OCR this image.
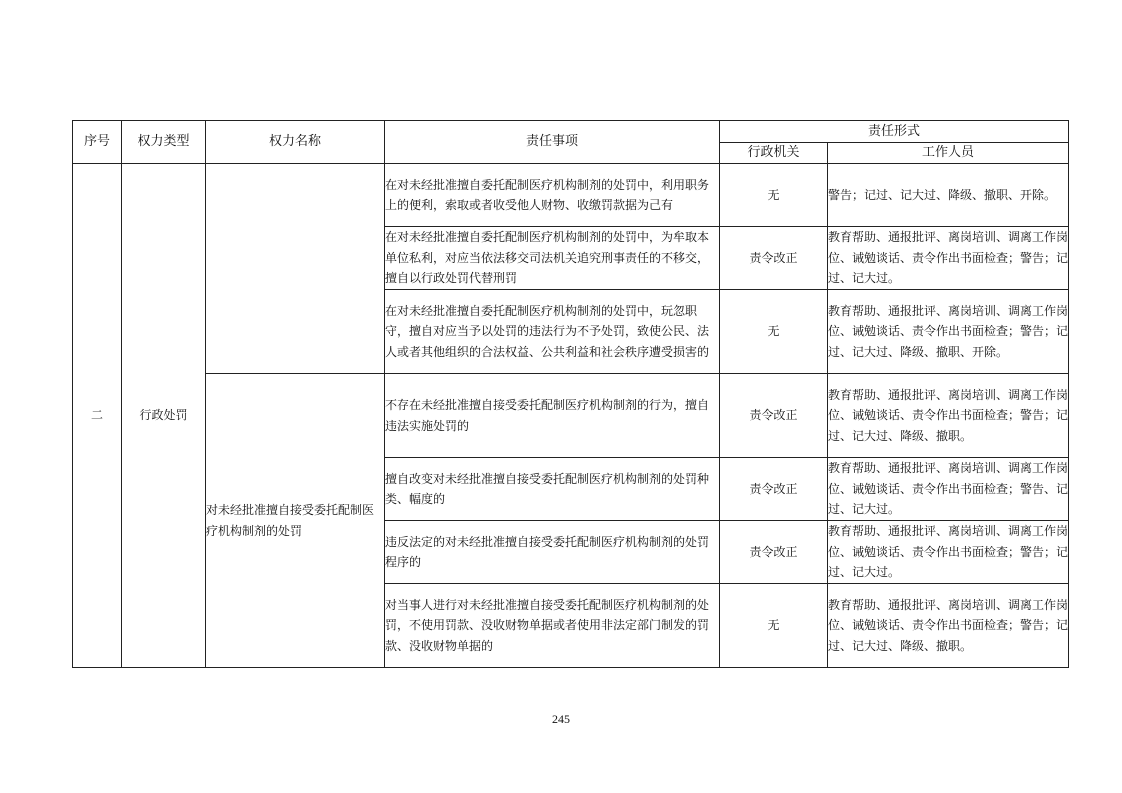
序号	权力类型	权力名称	责任事项	责任形式	
				行政机关	工作人员
二	行政处罚		在对未经批准擅自委托配制医疗机构制剂的处罚中，利用职务上的便利，索取或者收受他人财物、收缴罚款据为己有	无	警告；记过、记大过、降级、撤职、开除。
			在对未经批准擅自委托配制医疗机构制剂的处罚中，为牟取本单位私利，对应当依法移交司法机关追究刑事责任的不移交，擅自以行政处罚代替刑罚	责令改正	教育帮助、通报批评、离岗培训、调离工作岗位、诫勉谈话、责令作出书面检查；警告；记过、记大过。
			在对未经批准擅自委托配制医疗机构制剂的处罚中，玩忽职守，擅自对应当予以处罚的违法行为不予处罚，致使公民、法人或者其他组织的合法权益、公共利益和社会秩序遭受损害的	无	教育帮助、通报批评、离岗培训、调离工作岗位、诫勉谈话、责令作出书面检查；警告；记过、记大过、降级、撤职、开除。
		对未经批准擅自接受委托配制医疗机构制剂的处罚	不存在未经批准擅自接受委托配制医疗机构制剂的行为，擅自违法实施处罚的	责令改正	教育帮助、通报批评、离岗培训、调离工作岗位、诫勉谈话、责令作出书面检查；警告；记过、记大过、降级、撤职。
			擅自改变对未经批准擅自接受委托配制医疗机构制剂的处罚种类、幅度的	责令改正	教育帮助、通报批评、离岗培训、调离工作岗位、诫勉谈话、责令作出书面检查；警告、记过、记大过。
			违反法定的对未经批准擅自接受委托配制医疗机构制剂的处罚程序的	责令改正	教育帮助、通报批评、离岗培训、调离工作岗位、诫勉谈话、责令作出书面检查；警告；记过、记大过。
			对当事人进行对未经批准擅自接受委托配制医疗机构制剂的处罚，不使用罚款、没收财物单据或者使用非法定部门制发的罚款、没收财物单据的	无	教育帮助、通报批评、离岗培训、调离工作岗位、诫勉谈话、责令作出书面检查；警告；记过、记大过、降级、撤职。
245
